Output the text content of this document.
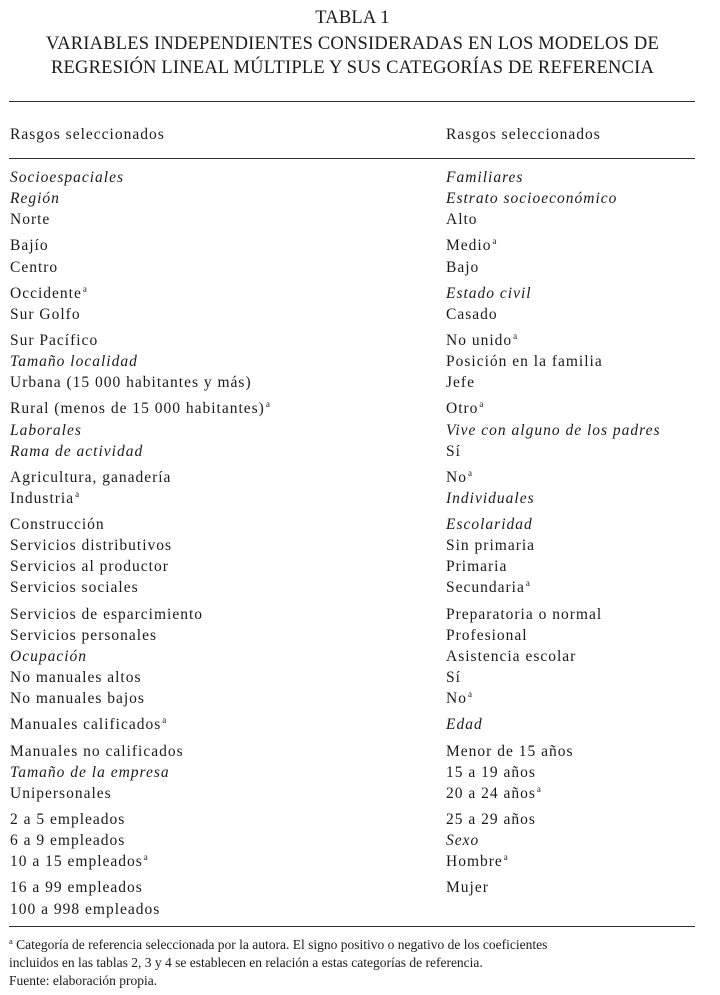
TABLA 1
VARIABLES INDEPENDIENTES CONSIDERADAS EN LOS MODELOS DE
REGRESIÓN LINEAL MÚLTIPLE Y SUS CATEGORÍAS DE REFERENCIA
Rasgos seleccionados	Rasgos seleccionados
Socioespaciales
Región
Norte
Bajío
Centro
Occidente$^a$
Sur Golfo
Sur Pacífico
Tamaño localidad
Urbana (15 000 habitantes y más)
Rural (menos de 15 000 habitantes)$^a$
Laborales
Rama de actividad
Agricultura, ganadería
Industria$^a$
Construcción
Servicios distributivos
Servicios al productor
Servicios sociales
Servicios de esparcimiento
Servicios personales
Ocupación
No manuales altos
No manuales bajos
Manuales calificados$^a$
Manuales no calificados
Tamaño de la empresa
Unipersonales
2 a 5 empleados
6 a 9 empleados
10 a 15 empleados$^a$
16 a 99 empleados
100 a 998 empleados
Familiares
Estrato socioeconómico
Alto
Medio$^a$
Bajo
Estado civil
Casado
No unido$^a$
Posición en la familia
Jefe
Otro$^a$
Vive con alguno de los padres
Sí
No$^a$
Individuales
Escolaridad
Sin primaria
Primaria
Secundaria$^a$
Preparatoria o normal
Profesional
Asistencia escolar
Sí
No$^a$
Edad
Menor de 15 años
15 a 19 años
20 a 24 años$^a$
25 a 29 años
Sexo
Hombre$^a$
Mujer
$^a$ Categoría de referencia seleccionada por la autora. El signo positivo o negativo de los coeficientes
incluidos en las tablas 2, 3 y 4 se establecen en relación a estas categorías de referencia.
Fuente: elaboración propia.
